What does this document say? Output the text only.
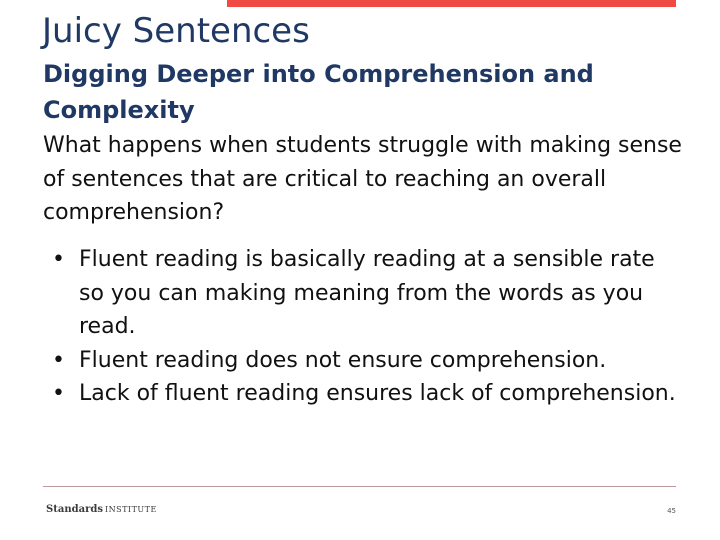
Juicy Sentences
Digging Deeper into Comprehension and Complexity

What happens when students struggle with making sense of sentences that are critical to reaching an overall comprehension?

• Fluent reading is basically reading at a sensible rate so you can making meaning from the words as you read.
• Fluent reading does not ensure comprehension.
• Lack of fluent reading ensures lack of comprehension.
Standards INSTITUTE	45
